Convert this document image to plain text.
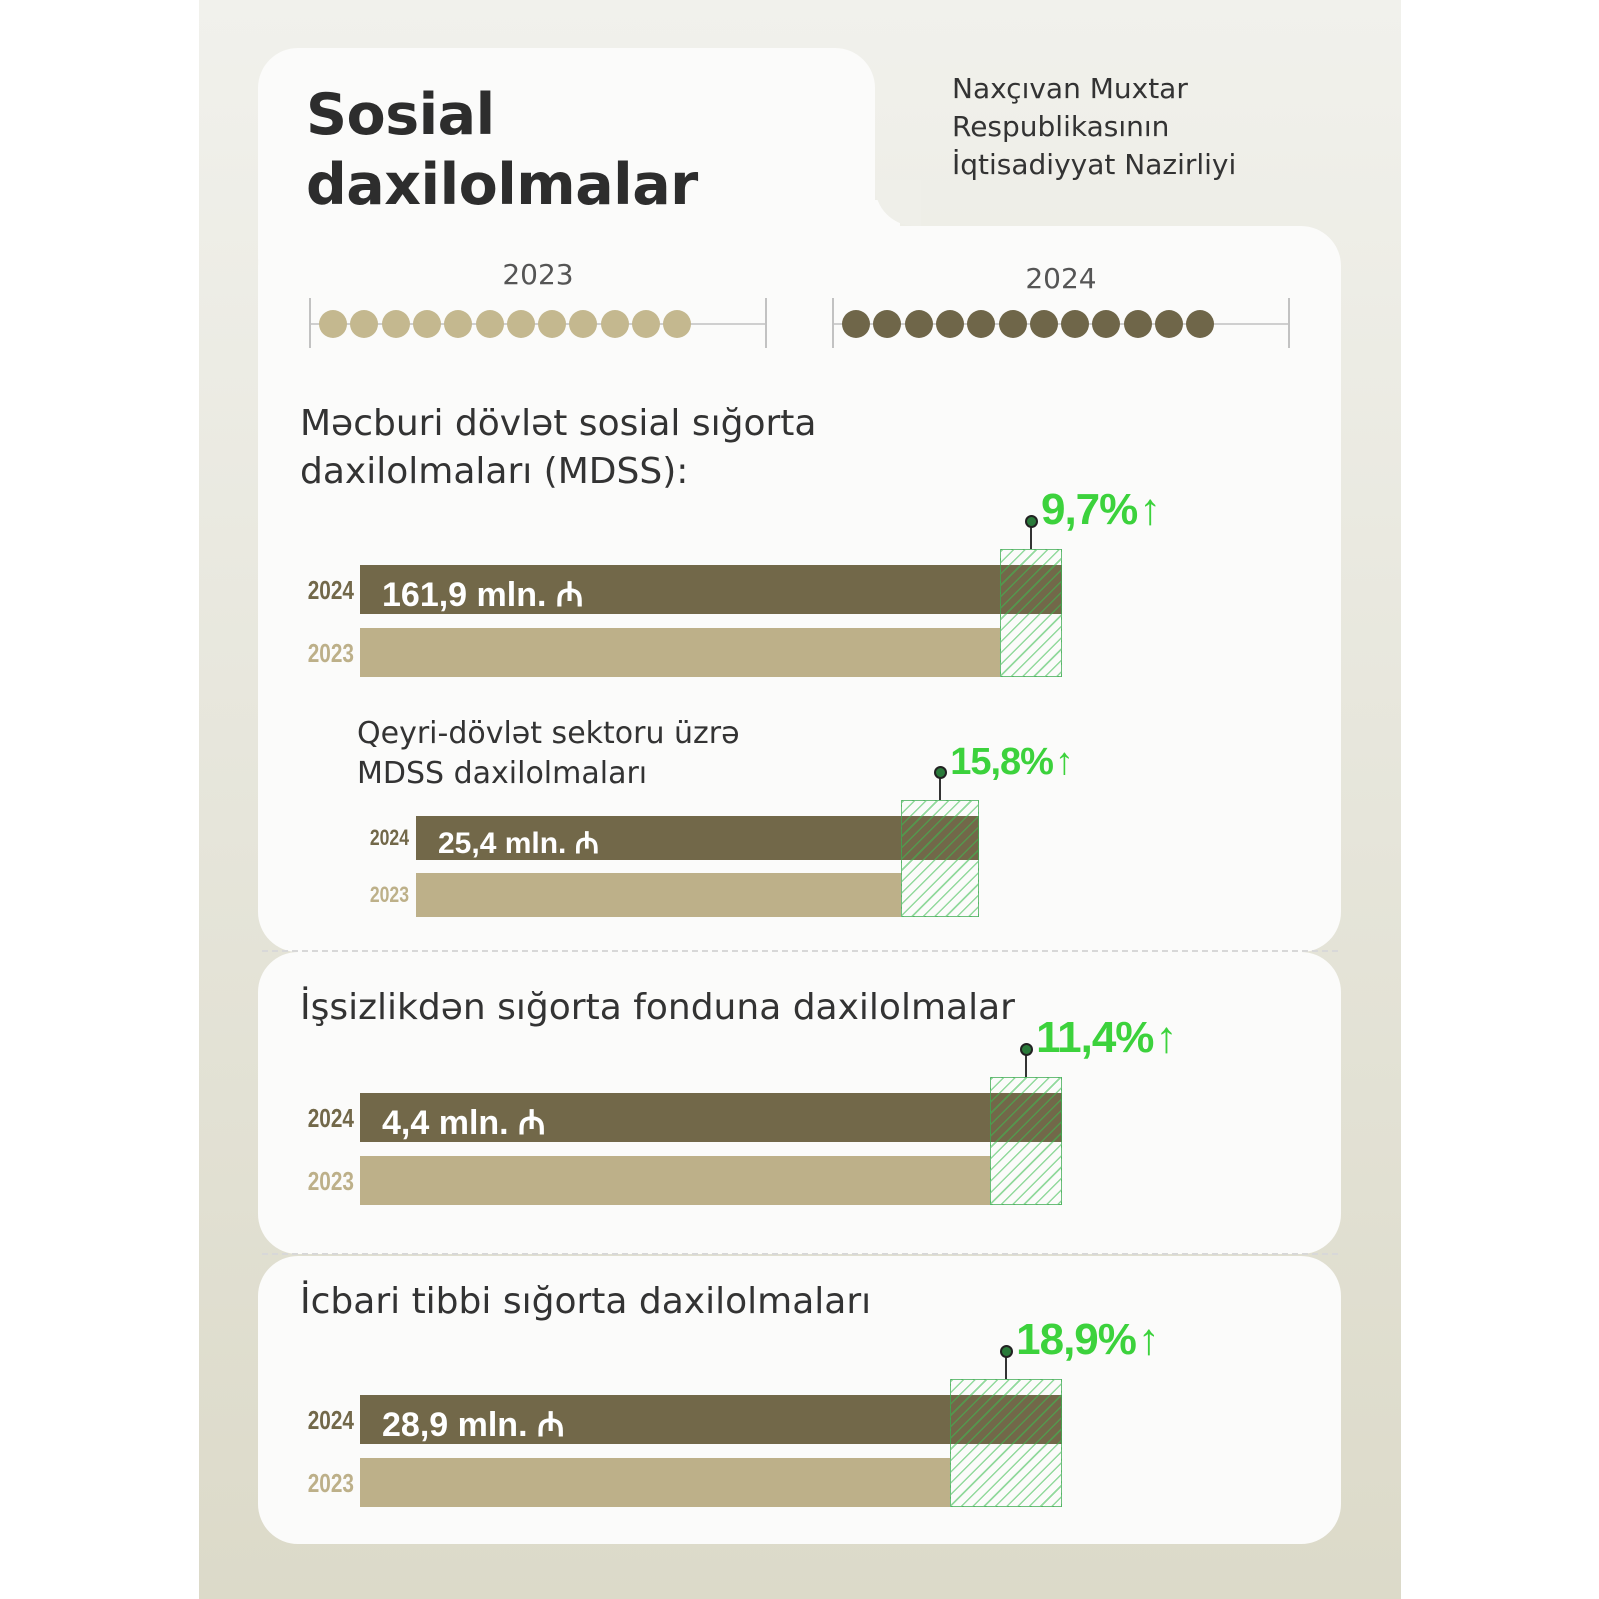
Sosial daxilolmalar
Naxçıvan Muxtar Respublikasının İqtisadiyyat Nazirliyi
2023	2024
Məcburi dövlət sosial sığorta daxilolmaları (MDSS):
Qeyri-dövlət sektoru üzrə MDSS daxilolmaları
İşsizlikdən sığorta fonduna daxilolmalar
İcbari tibbi sığorta daxilolmaları
2024
2023
161,9 mln. ₼
9,7%↑
2024
2023
25,4 mln. ₼
15,8%↑
2024
2023
4,4 mln. ₼
11,4%↑
2024
2023
28,9 mln. ₼
18,9%↑
